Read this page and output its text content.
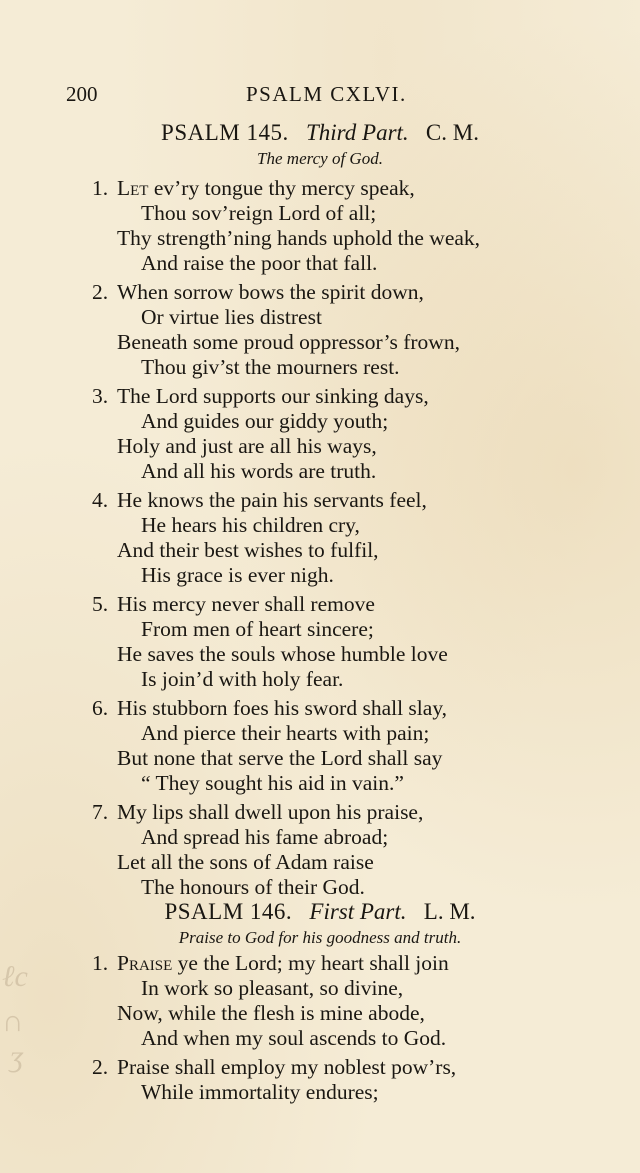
200	PSALM CXLVI.
PSALM 145. Third Part. C. M.
The mercy of God.
1. Let ev’ry tongue thy mercy speak,
Thou sov’reign Lord of all;
Thy strength’ning hands uphold the weak,
And raise the poor that fall.
2. When sorrow bows the spirit down,
Or virtue lies distrest
Beneath some proud oppressor’s frown,
Thou giv’st the mourners rest.
3. The Lord supports our sinking days,
And guides our giddy youth;
Holy and just are all his ways,
And all his words are truth.
4. He knows the pain his servants feel,
He hears his children cry,
And their best wishes to fulfil,
His grace is ever nigh.
5. His mercy never shall remove
From men of heart sincere;
He saves the souls whose humble love
Is join’d with holy fear.
6. His stubborn foes his sword shall slay,
And pierce their hearts with pain;
But none that serve the Lord shall say
“ They sought his aid in vain.”
7. My lips shall dwell upon his praise,
And spread his fame abroad;
Let all the sons of Adam raise
The honours of their God.
PSALM 146. First Part. L. M.
Praise to God for his goodness and truth.
1. Praise ye the Lord; my heart shall join
In work so pleasant, so divine,
Now, while the flesh is mine abode,
And when my soul ascends to God.
2. Praise shall employ my noblest pow’rs,
While immortality endures;
ℓc
∩
ʒ
